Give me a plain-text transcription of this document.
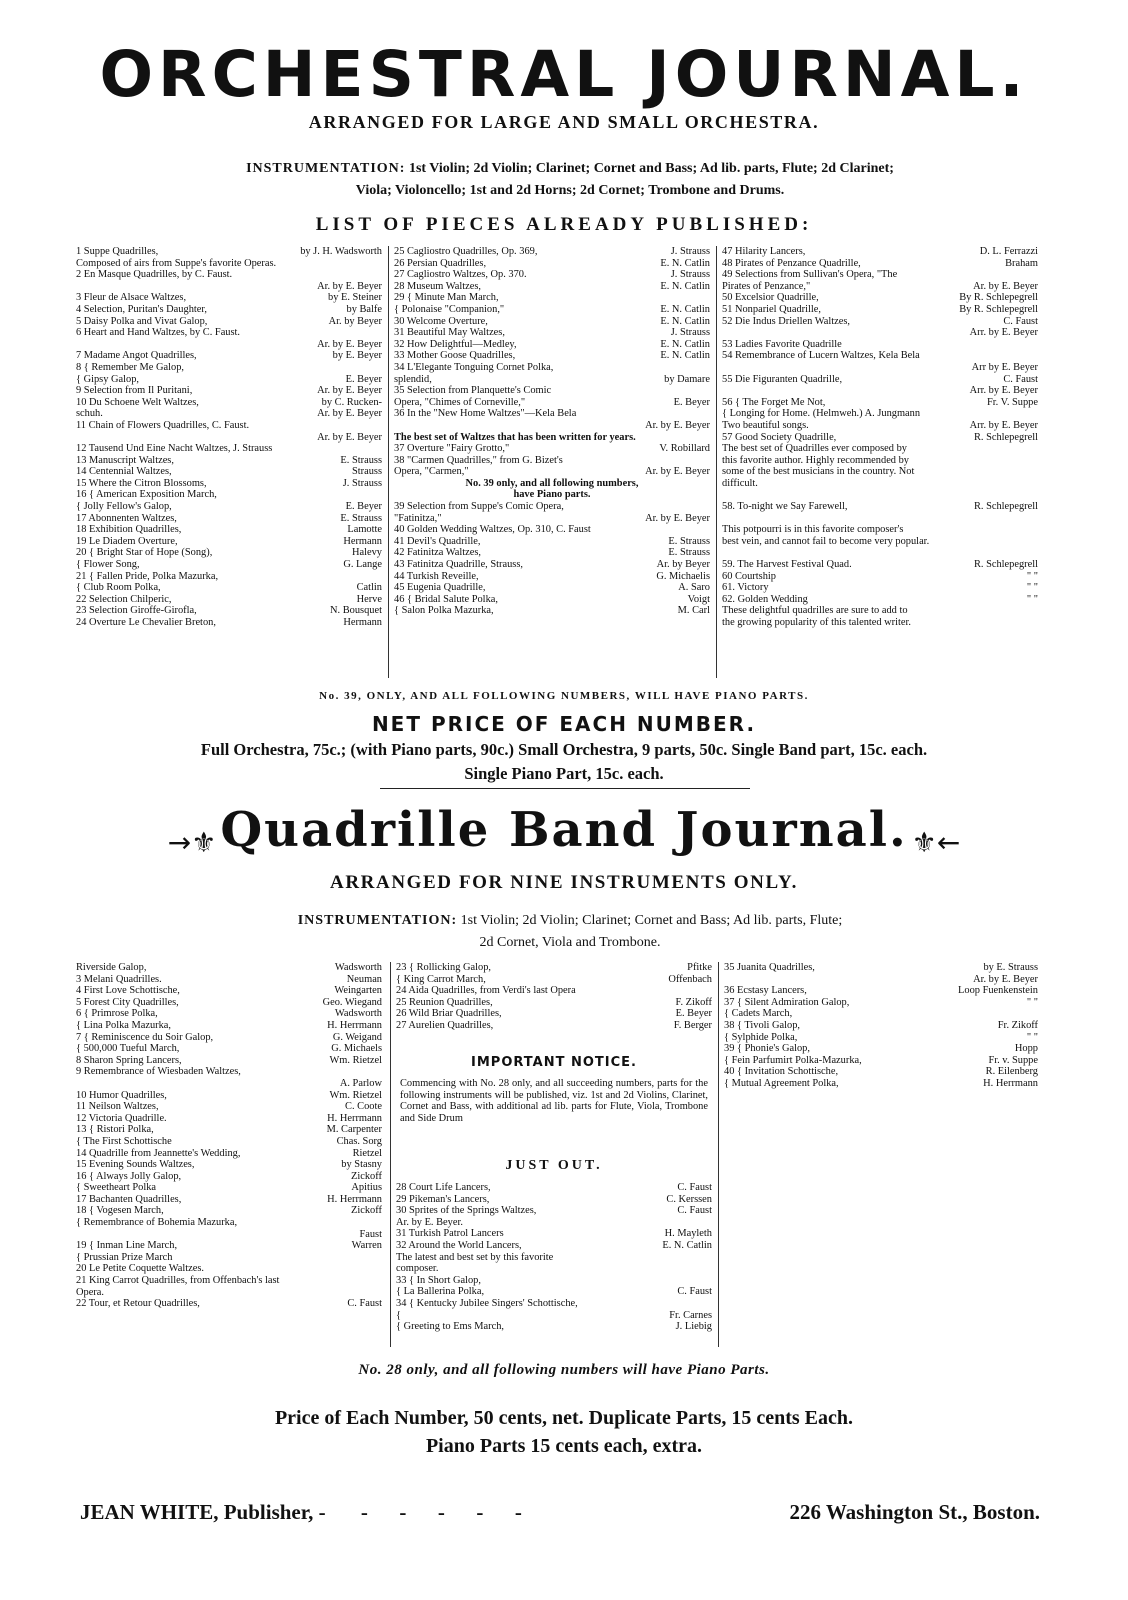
ORCHESTRAL JOURNAL.
ARRANGED FOR LARGE AND SMALL ORCHESTRA.
INSTRUMENTATION: 1st Violin; 2d Violin; Clarinet; Cornet and Bass; Ad lib. parts, Flute; 2d Clarinet;
Viola; Violoncello; 1st and 2d Horns; 2d Cornet; Trombone and Drums.
LIST OF PIECES ALREADY PUBLISHED:
1 Suppe Quadrilles,	by J. H. Wadsworth
Composed of airs from Suppe's favorite Operas.
2 En Masque Quadrilles, by C. Faust.

Ar. by E. Beyer
3 Fleur de Alsace Waltzes,	by E. Steiner
4 Selection, Puritan's Daughter,	by Balfe
5 Daisy Polka and Vivat Galop,	Ar. by Beyer
6 Heart and Hand Waltzes, by C. Faust.

Ar. by E. Beyer
7 Madame Angot Quadrilles,	by E. Beyer
8 { Remember Me Galop,
{ Gipsy Galop,	E. Beyer
9 Selection from Il Puritani,	Ar. by E. Beyer
10 Du Schoene Welt Waltzes,	by C. Rucken-
schuh.	Ar. by E. Beyer
11 Chain of Flowers Quadrilles, C. Faust.

Ar. by E. Beyer
12 Tausend Und Eine Nacht Waltzes, J. Strauss
13 Manuscript Waltzes,	E. Strauss
14 Centennial Waltzes,	Strauss
15 Where the Citron Blossoms,	J. Strauss
16 { American Exposition March,
{ Jolly Fellow's Galop,	E. Beyer
17 Abonnenten Waltzes,	E. Strauss
18 Exhibition Quadrilles,	Lamotte
19 Le Diadem Overture,	Hermann
20 { Bright Star of Hope (Song),	Halevy
{ Flower Song,	G. Lange
21 { Fallen Pride, Polka Mazurka,
{ Club Room Polka,	Catlin
22 Selection Chilperic,	Herve
23 Selection Giroffe-Girofla,	N. Bousquet
24 Overture Le Chevalier Breton,	Hermann
25 Cagliostro Quadrilles, Op. 369,	J. Strauss
26 Persian Quadrilles,	E. N. Catlin
27 Cagliostro Waltzes, Op. 370.	J. Strauss
28 Museum Waltzes,	E. N. Catlin
29 { Minute Man March,
{ Polonaise "Companion,"	E. N. Catlin
30 Welcome Overture,	E. N. Catlin
31 Beautiful May Waltzes,	J. Strauss
32 How Delightful—Medley,	E. N. Catlin
33 Mother Goose Quadrilles,	E. N. Catlin
34 L'Elegante Tonguing Cornet Polka,
splendid,	by Damare
35 Selection from Planquette's Comic
Opera, "Chimes of Corneville,"	E. Beyer
36 In the "New Home Waltzes"—Kela Bela

Ar. by E. Beyer
The best set of Waltzes that has been written for years.
37 Overture "Fairy Grotto,"	V. Robillard
38 "Carmen Quadrilles," from G. Bizet's
Opera, "Carmen,"	Ar. by E. Beyer
No. 39 only, and all following numbers,
have Piano parts.
39 Selection from Suppe's Comic Opera,
"Fatinitza,"	Ar. by E. Beyer
40 Golden Wedding Waltzes, Op. 310, C. Faust
41 Devil's Quadrille,	E. Strauss
42 Fatinitza Waltzes,	E. Strauss
43 Fatinitza Quadrille, Strauss,	Ar. by Beyer
44 Turkish Reveille,	G. Michaelis
45 Eugenia Quadrille,	A. Saro
46 { Bridal Salute Polka,	Voigt
{ Salon Polka Mazurka,	M. Carl
47 Hilarity Lancers,	D. L. Ferrazzi
48 Pirates of Penzance Quadrille,	Braham
49 Selections from Sullivan's Opera, "The
Pirates of Penzance,"	Ar. by E. Beyer
50 Excelsior Quadrille,	By R. Schlepegrell
51 Nonpariel Quadrille,	By R. Schlepegrell
52 Die Indus Driellen Waltzes,	C. Faust

Arr. by E. Beyer
53 Ladies Favorite Quadrille
54 Remembrance of Lucern Waltzes, Kela Bela

Arr by E. Beyer
55 Die Figuranten Quadrille,	C. Faust

Arr. by E. Beyer
56 { The Forget Me Not,	Fr. V. Suppe
{ Longing for Home. (Helmweh.) A. Jungmann
Two beautiful songs.	Arr. by E. Beyer
57 Good Society Quadrille,	R. Schlepegrell
The best set of Quadrilles ever composed by
this favorite author. Highly recommended by
some of the best musicians in the country. Not
difficult.

58. To-night we Say Farewell,	R. Schlepegrell

This potpourri is in this favorite composer's
best vein, and cannot fail to become very popular.

59. The Harvest Festival Quad.	R. Schlepegrell
60 Courtship	" "
61. Victory	" "
62. Golden Wedding	" "
These delightful quadrilles are sure to add to
the growing popularity of this talented writer.
No. 39, ONLY, AND ALL FOLLOWING NUMBERS, WILL HAVE PIANO PARTS.
NET PRICE OF EACH NUMBER.
Full Orchestra, 75c.; (with Piano parts, 90c.) Small Orchestra, 9 parts, 50c. Single Band part, 15c. each.
Single Piano Part, 15c. each.
→⚜ Quadrille Band Journal. ⚜←
ARRANGED FOR NINE INSTRUMENTS ONLY.
INSTRUMENTATION: 1st Violin; 2d Violin; Clarinet; Cornet and Bass; Ad lib. parts, Flute;
2d Cornet, Viola and Trombone.
Riverside Galop,	Wadsworth
3 Melani Quadrilles.	Neuman
4 First Love Schottische,	Weingarten
5 Forest City Quadrilles,	Geo. Wiegand
6 { Primrose Polka,	Wadsworth
{ Lina Polka Mazurka,	H. Herrmann
7 { Reminiscence du Soir Galop,	G. Weigand
{ 500,000 Tueful March,	G. Michaels
8 Sharon Spring Lancers,	Wm. Rietzel
9 Remembrance of Wiesbaden Waltzes,

A. Parlow
10 Humor Quadrilles,	Wm. Rietzel
11 Neilson Waltzes,	C. Coote
12 Victoria Quadrille.	H. Herrmann
13 { Ristori Polka,	M. Carpenter
{ The First Schottische	Chas. Sorg
14 Quadrille from Jeannette's Wedding,	Rietzel
15 Evening Sounds Waltzes,	by Stasny
16 { Always Jolly Galop,	Zickoff
{ Sweetheart Polka	Apitius
17 Bachanten Quadrilles,	H. Herrmann
18 { Vogesen March,	Zickoff
{ Remembrance of Bohemia Mazurka,

Faust
19 { Inman Line March,	Warren
{ Prussian Prize March
20 Le Petite Coquette Waltzes.
21 King Carrot Quadrilles, from Offenbach's last
Opera.
22 Tour, et Retour Quadrilles,	C. Faust
23 { Rollicking Galop,	Pfitke
{ King Carrot March,	Offenbach
24 Aida Quadrilles, from Verdi's last Opera
25 Reunion Quadrilles,	F. Zikoff
26 Wild Briar Quadrilles,	E. Beyer
27 Aurelien Quadrilles,	F. Berger
IMPORTANT NOTICE.
Commencing with No. 28 only, and all succeeding numbers, parts for the following instruments will be published, viz. 1st and 2d Violins, Clarinet, Cornet and Bass, with additional ad lib. parts for Flute, Viola, Trombone and Side Drum
JUST OUT.
28 Court Life Lancers,	C. Faust
29 Pikeman's Lancers,	C. Kerssen
30 Sprites of the Springs Waltzes,	C. Faust
Ar. by E. Beyer.
31 Turkish Patrol Lancers	H. Mayleth
32 Around the World Lancers,	E. N. Catlin
The latest and best set by this favorite
composer.
33 { In Short Galop,
{ La Ballerina Polka,	C. Faust
34 { Kentucky Jubilee Singers' Schottische,
{	Fr. Carnes
{ Greeting to Ems March,	J. Liebig
35 Juanita Quadrilles,	by E. Strauss

Ar. by E. Beyer
36 Ecstasy Lancers,	Loop Fuenkenstein
37 { Silent Admiration Galop,	" "
{ Cadets March,
38 { Tivoli Galop,	Fr. Zikoff
{ Sylphide Polka,	" "
39 { Phonie's Galop,	Hopp
{ Fein Parfumirt Polka-Mazurka,	Fr. v. Suppe
40 { Invitation Schottische,	R. Eilenberg
{ Mutual Agreement Polka,	H. Herrmann
No. 28 only, and all following numbers will have Piano Parts.
Price of Each Number, 50 cents, net. Duplicate Parts, 15 cents Each.
Piano Parts 15 cents each, extra.
JEAN WHITE, Publisher, - -      -      -      -      -	226 Washington St., Boston.
